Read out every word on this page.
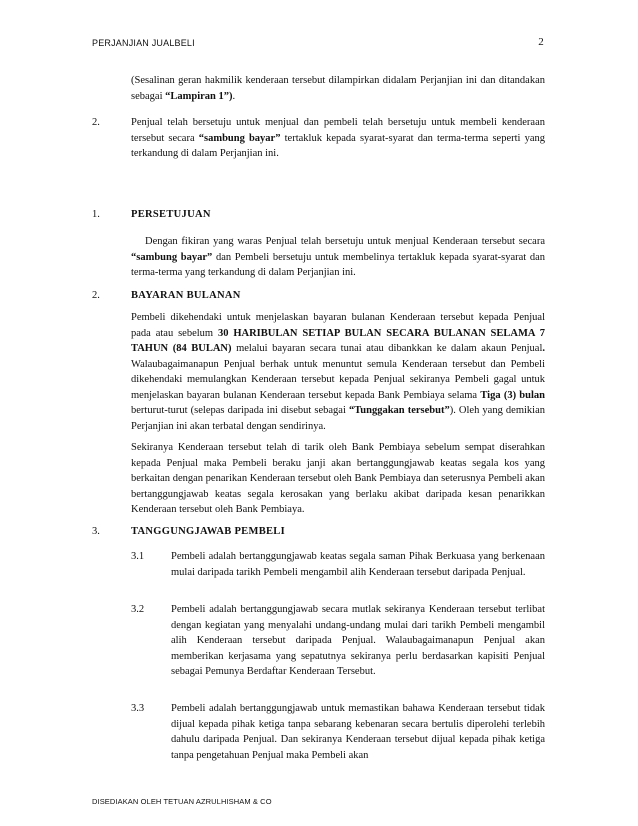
PERJANJIAN JUALBELI	2
(Sesalinan geran hakmilik kenderaan tersebut dilampirkan didalam Perjanjian ini dan ditandakan sebagai “Lampiran 1”).
2.	Penjual telah bersetuju untuk menjual dan pembeli telah bersetuju untuk membeli kenderaan tersebut secara “sambung bayar” tertakluk kepada syarat-syarat dan terma-terma seperti yang terkandung di dalam Perjanjian ini.
1.	PERSETUJUAN
Dengan fikiran yang waras Penjual telah bersetuju untuk menjual Kenderaan tersebut secara “sambung bayar” dan Pembeli bersetuju untuk membelinya tertakluk kepada syarat-syarat dan terma-terma yang terkandung di dalam Perjanjian ini.
2.	BAYARAN BULANAN
Pembeli dikehendaki untuk menjelaskan bayaran bulanan Kenderaan tersebut kepada Penjual pada atau sebelum 30 HARIBULAN SETIAP BULAN SECARA BULANAN SELAMA 7 TAHUN (84 BULAN) melalui bayaran secara tunai atau dibankkan ke dalam akaun Penjual. Walaubagaimanapun Penjual berhak untuk menuntut semula Kenderaan tersebut dan Pembeli dikehendaki memulangkan Kenderaan tersebut kepada Penjual sekiranya Pembeli gagal untuk menjelaskan bayaran bulanan Kenderaan tersebut kepada Bank Pembiaya selama Tiga (3) bulan berturut-turut (selepas daripada ini disebut sebagai “Tunggakan tersebut”). Oleh yang demikian Perjanjian ini akan terbatal dengan sendirinya.
Sekiranya Kenderaan tersebut telah di tarik oleh Bank Pembiaya sebelum sempat diserahkan kepada Penjual maka Pembeli beraku janji akan bertanggungjawab keatas segala kos yang berkaitan dengan penarikan Kenderaan tersebut oleh Bank Pembiaya dan seterusnya Pembeli akan bertanggungjawab keatas segala kerosakan yang berlaku akibat daripada kesan penarikkan Kenderaan tersebut oleh Bank Pembiaya.
3.	TANGGUNGJAWAB PEMBELI
3.1	Pembeli adalah bertanggungjawab keatas segala saman Pihak Berkuasa yang berkenaan mulai daripada tarikh Pembeli mengambil alih Kenderaan tersebut daripada Penjual.
3.2	Pembeli adalah bertanggungjawab secara mutlak sekiranya Kenderaan tersebut terlibat dengan kegiatan yang menyalahi undang-undang mulai dari tarikh Pembeli mengambil alih Kenderaan tersebut daripada Penjual. Walaubagaimanapun Penjual akan memberikan kerjasama yang sepatutnya sekiranya perlu berdasarkan kapisiti Penjual sebagai Pemunya Berdaftar Kenderaan Tersebut.
3.3	Pembeli adalah bertanggungjawab untuk memastikan bahawa Kenderaan tersebut tidak dijual kepada pihak ketiga tanpa sebarang kebenaran secara bertulis diperolehi terlebih dahulu daripada Penjual. Dan sekiranya Kenderaan tersebut dijual kepada pihak ketiga tanpa pengetahuan Penjual maka Pembeli akan
DISEDIAKAN OLEH TETUAN AZRULHISHAM & CO
